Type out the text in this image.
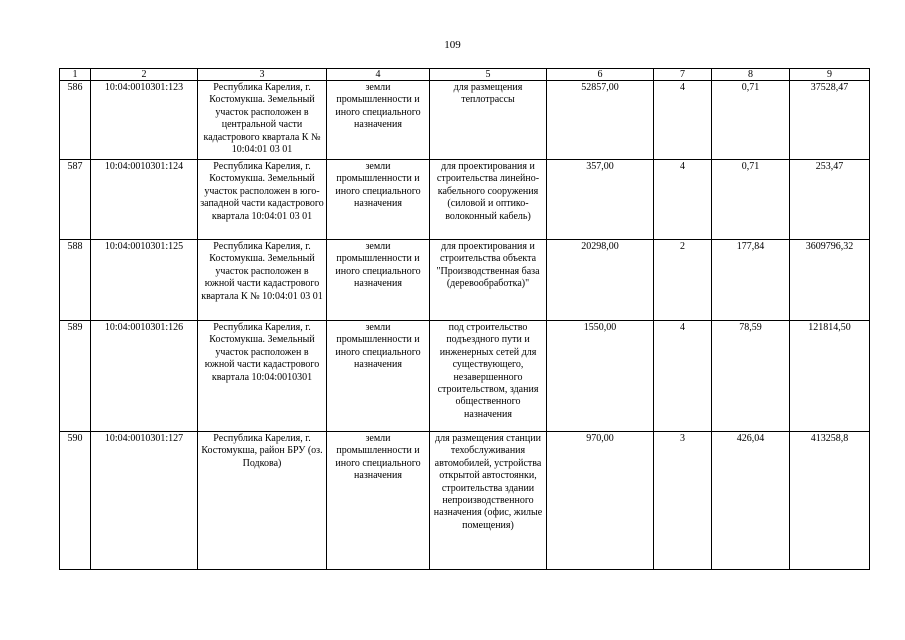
109
1	2	3	4	5	6	7	8	9
586	10:04:0010301:123	Республика Карелия, г. Костомукша. Земельный участок расположен в центральной части кадастрового квартала К № 10:04:01 03 01	земли промышленности и иного специального назначения	для размещения теплотрассы	52857,00	4	0,71	37528,47
587	10:04:0010301:124	Республика Карелия, г. Костомукша. Земельный участок расположен в юго-западной части кадастрового квартала 10:04:01 03 01	земли промышленности и иного специального назначения	для проектирования и строительства линейно-кабельного сооружения (силовой и оптико-волоконный кабель)	357,00	4	0,71	253,47
588	10:04:0010301:125	Республика Карелия, г. Костомукша. Земельный участок расположен в южной части кадастрового квартала К № 10:04:01 03 01	земли промышленности и иного специального назначения	для проектирования и строительства объекта "Производственная база (деревообработка)"	20298,00	2	177,84	3609796,32
589	10:04:0010301:126	Республика Карелия, г. Костомукша. Земельный участок расположен в южной части кадастрового квартала 10:04:0010301	земли промышленности и иного специального назначения	под строительство подъездного пути и инженерных сетей для существующего, незавершенного строительством, здания общественного назначения	1550,00	4	78,59	121814,50
590	10:04:0010301:127	Республика Карелия, г. Костомукша, район БРУ (оз. Подкова)	земли промышленности и иного специального назначения	для размещения станции техобслуживания автомобилей, устройства открытой автостоянки, строительства здании непроизводственного назначения (офис, жилые помещения)	970,00	3	426,04	413258,8
